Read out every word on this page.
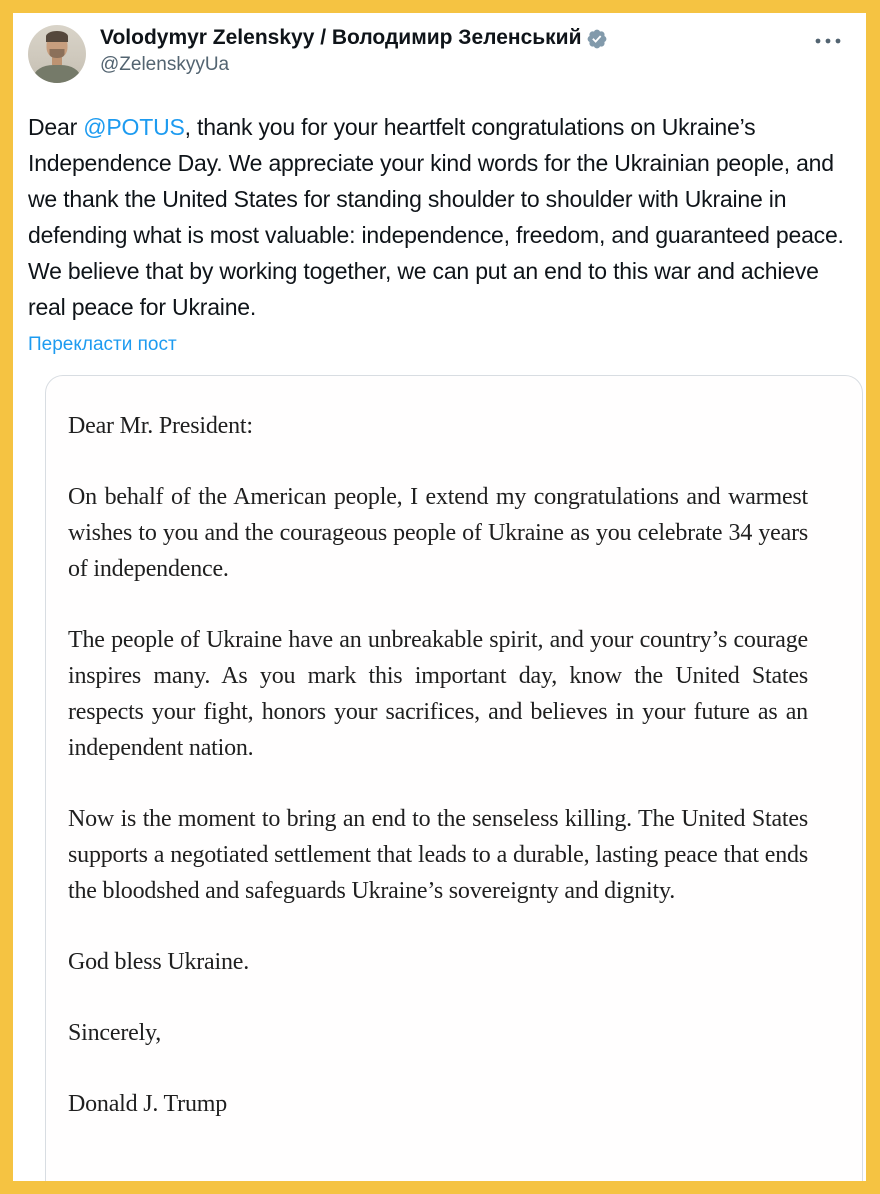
Volodymyr Zelenskyy / Володимир Зеленський
@ZelenskyyUa
Dear @POTUS, thank you for your heartfelt congratulations on Ukraine’s Independence Day. We appreciate your kind words for the Ukrainian people, and we thank the United States for standing shoulder to shoulder with Ukraine in defending what is most valuable: independence, freedom, and guaranteed peace. We believe that by working together, we can put an end to this war and achieve real peace for Ukraine.
Перекласти пост

Dear Mr. President:

On behalf of the American people, I extend my congratulations and warmest wishes to you and the courageous people of Ukraine as you celebrate 34 years of independence.

The people of Ukraine have an unbreakable spirit, and your country’s courage inspires many. As you mark this important day, know the United States respects your fight, honors your sacrifices, and believes in your future as an independent nation.

Now is the moment to bring an end to the senseless killing. The United States supports a negotiated settlement that leads to a durable, lasting peace that ends the bloodshed and safeguards Ukraine’s sovereignty and dignity.

God bless Ukraine.

Sincerely,

Donald J. Trump
